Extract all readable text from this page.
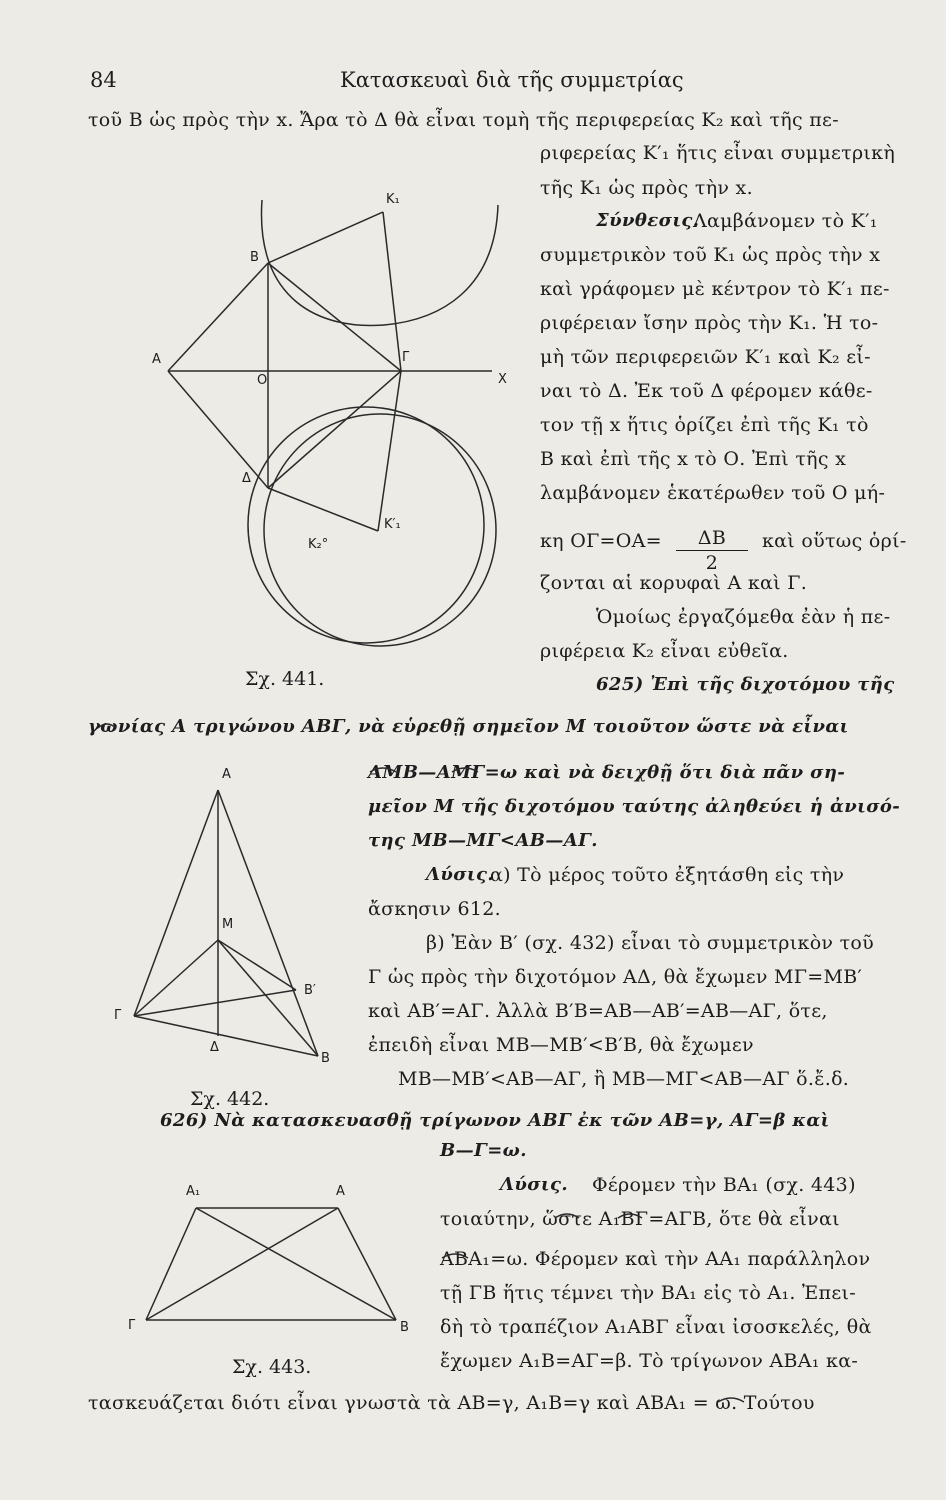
84	Κατασκευαὶ διὰ τῆς συμμετρίας
τοῦ Β ὡς πρὸς τὴν x. Ἄρα τὸ Δ θὰ εἶναι τομὴ τῆς περιφερείας K₂ καὶ τῆς πε-
ριφερείας K′₁ ἥτις εἶναι συμμετρικὴ
τῆς K₁ ὡς πρὸς τὴν x.
Σύνθεσις.
Λαμβάνομεν τὸ K′₁
συμμετρικὸν τοῦ K₁ ὡς πρὸς τὴν x
καὶ γράφομεν μὲ κέντρον τὸ K′₁ πε-
ριφέρειαν ἴσην πρὸς τὴν K₁. Ἡ το-
μὴ τῶν περιφερειῶν K′₁ καὶ K₂ εἶ-
ναι τὸ Δ. Ἐκ τοῦ Δ φέρομεν κάθε-
τον τῇ x ἥτις ὁρίζει ἐπὶ τῆς K₁ τὸ
Β καὶ ἐπὶ τῆς x τὸ Ο. Ἐπὶ τῆς x
λαμβάνομεν ἑκατέρωθεν τοῦ Ο μή-
κη ΟΓ=ΟΑ=	καὶ οὕτως ὁρί-
ζονται αἱ κορυφαὶ Α καὶ Γ.
Ὁμοίως ἐργαζόμεθα ἐὰν ἡ πε-
ριφέρεια K₂ εἶναι εὐθεῖα.
625) Ἐπὶ τῆς διχοτόμου τῆς
γωνίας Α τριγώνου ΑΒΓ, νὰ εὑρεθῇ σημεῖον Μ τοιοῦτον ὥστε νὰ εἶναι
ΑΜΒ—ΑΜΓ=ω καὶ νὰ δειχθῇ ὅτι διὰ πᾶν ση-
μεῖον Μ τῆς διχοτόμου ταύτης ἀληθεύει ἡ ἀνισό-
της ΜΒ—ΜΓ<ΑΒ—ΑΓ.
Λύσις.
α) Τὸ μέρος τοῦτο ἐξητάσθη εἰς τὴν
ἄσκησιν 612.
β) Ἐὰν Β′ (σχ. 432) εἶναι τὸ συμμετρικὸν τοῦ
Γ ὡς πρὸς τὴν διχοτόμον ΑΔ, θὰ ἔχωμεν ΜΓ=ΜΒ′
καὶ ΑΒ′=ΑΓ. Ἀλλὰ Β′Β=ΑΒ—ΑΒ′=ΑΒ—ΑΓ, ὅτε,
ἐπειδὴ εἶναι ΜΒ—ΜΒ′<Β′Β, θὰ ἔχωμεν
ΜΒ—ΜΒ′<ΑΒ—ΑΓ, ἢ ΜΒ—ΜΓ<ΑΒ—ΑΓ ὅ.ἔ.δ.
626) Νὰ κατασκευασθῇ τρίγωνον ΑΒΓ ἐκ τῶν ΑΒ=γ, ΑΓ=β καὶ
Β—Γ=ω.
Λύσις. Φέρομεν τὴν ΒΑ₁ (σχ. 443)
τοιαύτην, ὥστε Α₁ΒΓ=ΑΓΒ, ὅτε θὰ εἶναι
ΑΒΑ₁=ω. Φέρομεν καὶ τὴν ΑΑ₁ παράλληλον
τῇ ΓΒ ἥτις τέμνει τὴν ΒΑ₁ εἰς τὸ Α₁. Ἐπει-
δὴ τὸ τραπέζιον Α₁ΑΒΓ εἶναι ἰσοσκελές, θὰ
ἔχωμεν Α₁Β=ΑΓ=β. Τὸ τρίγωνον ΑΒΑ₁ κα-
τασκευάζεται διότι εἶναι γνωστὰ τὰ ΑΒ=γ, Α₁Β=γ καὶ ΑΒΑ₁ = ω. Τούτου
ΔΒ
2
K₁
Β
Α	Γ
Ο	Χ
Δ
K′₁
K₂°
Α
Μ
Β′
Γ
Δ
Β
Α₁	Α
Γ	Β
Σχ. 441.
Σχ. 442.
Σχ. 443.
